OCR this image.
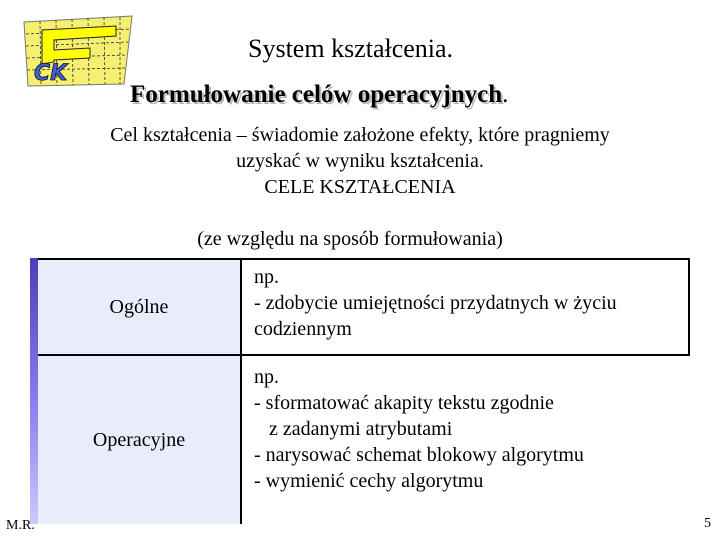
CK
System kształcenia.
Formułowanie celów operacyjnych.
Cel kształcenia – świadomie założone efekty, które pragniemy
uzyskać w wyniku kształcenia.
CELE KSZTAŁCENIA
(ze względu na sposób formułowania)
Ogólne
np.
- zdobycie umiejętności przydatnych w życiu
codziennym
Operacyjne
np.
- sformatować akapity tekstu zgodnie
z zadanymi atrybutami
- narysować schemat blokowy algorytmu
- wymienić cechy algorytmu
M.R.	5
